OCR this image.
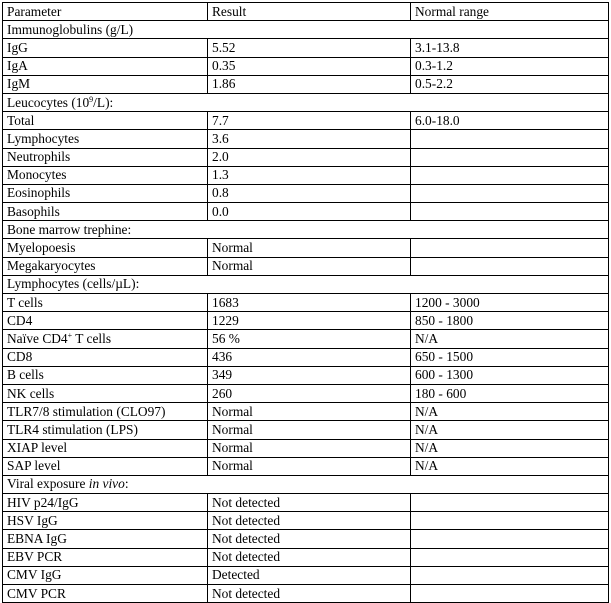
Parameter	Result	Normal range
Immunoglobulins (g/L)		
IgG	5.52	3.1-13.8
IgA	0.35	0.3-1.2
IgM	1.86	0.5-2.2
Leucocytes $(10^9/L)$:		
Total	7.7	6.0-18.0
Lymphocytes	3.6	
Neutrophils	2.0	
Monocytes	1.3	
Eosinophils	0.8	
Basophils	0.0	
Bone marrow trephine:		
Myelopoesis	Normal	
Megakaryocytes	Normal	
Lymphocytes (cells/µL):		
T cells	1683	1200 - 3000
CD4	1229	850 - 1800
Naïve CD4+ T cells	56 %	N/A
CD8	436	650 - 1500
B cells	349	600 - 1300
NK cells	260	180 - 600
TLR7/8 stimulation (CLO97)	Normal	N/A
TLR4 stimulation (LPS)	Normal	N/A
XIAP level	Normal	N/A
SAP level	Normal	N/A
Viral exposure in vivo:		
HIV p24/IgG	Not detected	
HSV IgG	Not detected	
EBNA IgG	Not detected	
EBV PCR	Not detected	
CMV IgG	Detected	
CMV PCR	Not detected	
